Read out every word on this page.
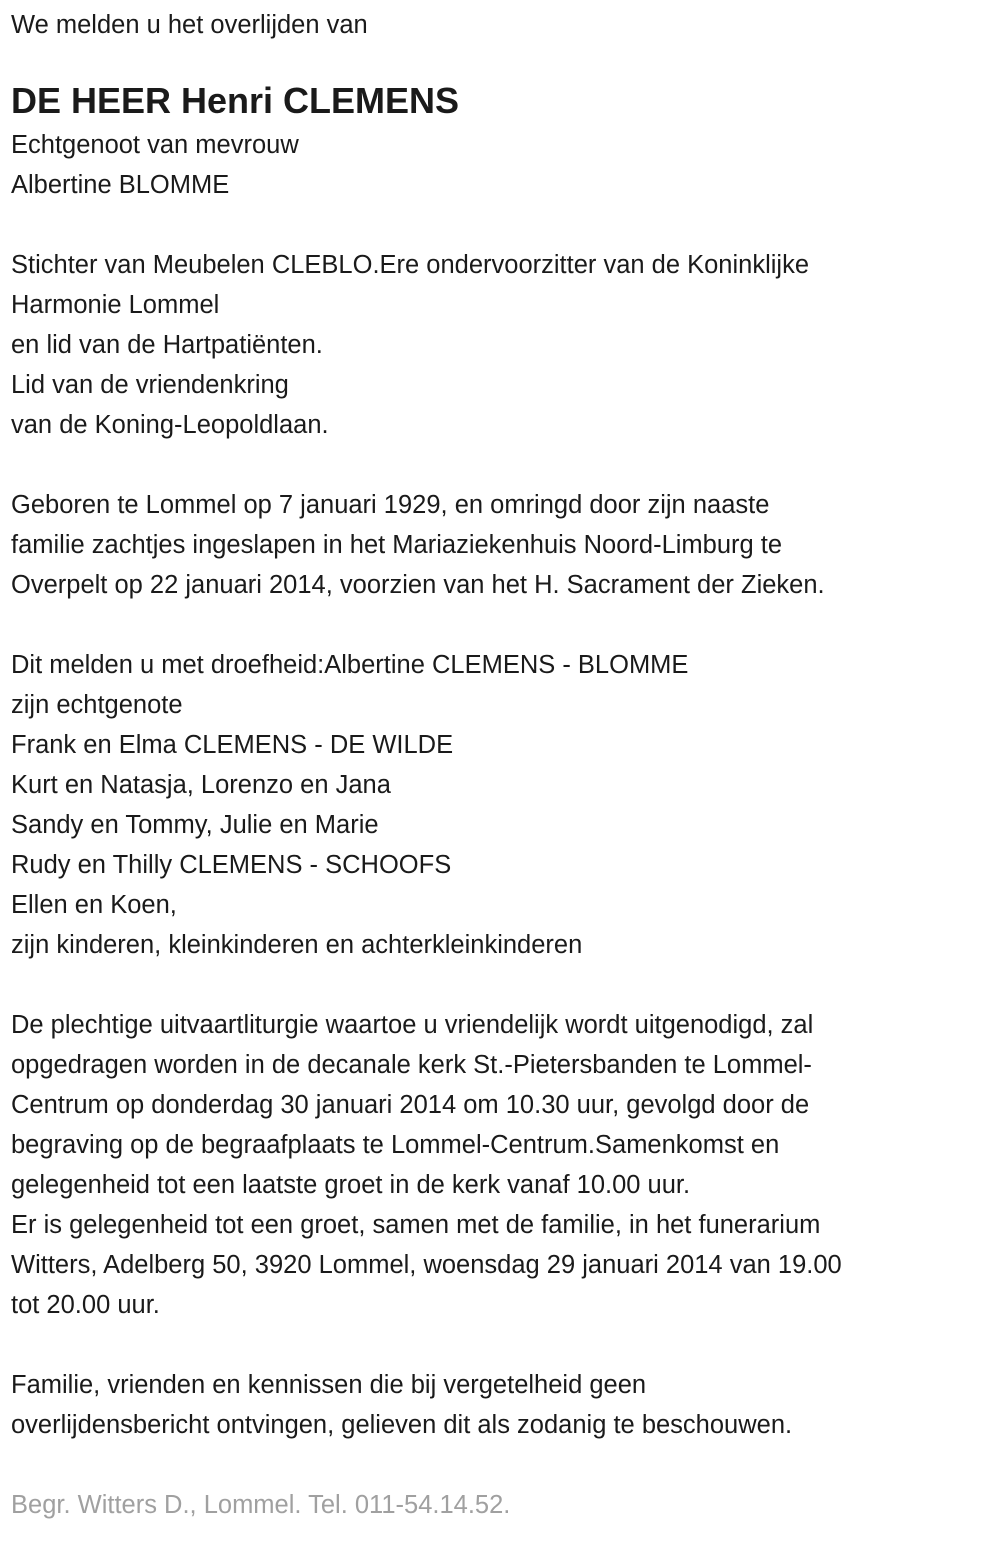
We melden u het overlijden van
DE HEER Henri CLEMENS
Echtgenoot van mevrouw
Albertine BLOMME
Stichter van Meubelen CLEBLO.Ere ondervoorzitter van de Koninklijke
Harmonie Lommel
en lid van de Hartpatiënten.
Lid van de vriendenkring
van de Koning-Leopoldlaan.
Geboren te Lommel op 7 januari 1929, en omringd door zijn naaste
familie zachtjes ingeslapen in het Mariaziekenhuis Noord-Limburg te
Overpelt op 22 januari 2014, voorzien van het H. Sacrament der Zieken.
Dit melden u met droefheid:Albertine CLEMENS - BLOMME
zijn echtgenote
Frank en Elma CLEMENS - DE WILDE
Kurt en Natasja, Lorenzo en Jana
Sandy en Tommy, Julie en Marie
Rudy en Thilly CLEMENS - SCHOOFS
Ellen en Koen,
zijn kinderen, kleinkinderen en achterkleinkinderen
De plechtige uitvaartliturgie waartoe u vriendelijk wordt uitgenodigd, zal
opgedragen worden in de decanale kerk St.-Pietersbanden te Lommel-
Centrum op donderdag 30 januari 2014 om 10.30 uur, gevolgd door de
begraving op de begraafplaats te Lommel-Centrum.Samenkomst en
gelegenheid tot een laatste groet in de kerk vanaf 10.00 uur.
Er is gelegenheid tot een groet, samen met de familie, in het funerarium
Witters, Adelberg 50, 3920 Lommel, woensdag 29 januari 2014 van 19.00
tot 20.00 uur.
Familie, vrienden en kennissen die bij vergetelheid geen
overlijdensbericht ontvingen, gelieven dit als zodanig te beschouwen.
Begr. Witters D., Lommel. Tel. 011-54.14.52.
